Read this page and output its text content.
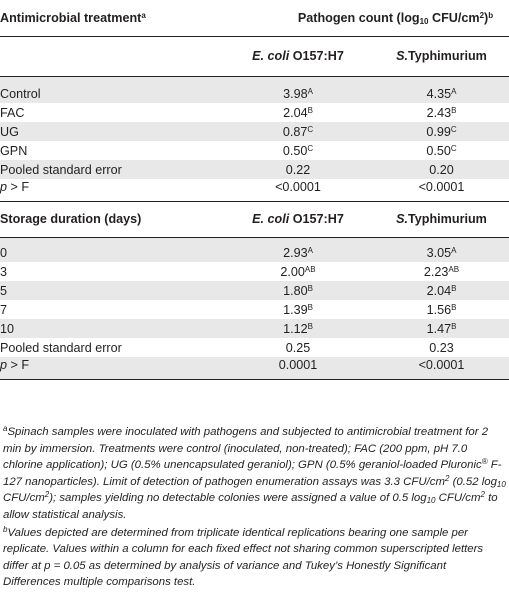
Antimicrobial treatment$^a$	Pathogen count ($\log_{10}$ CFU/$cm^2)^b$
	E. coli O157:H7	S.Typhimurium

Control	$3.98^A$	$4.35^A$
FAC	$2.04^B$	$2.43^B$
UG	$0.87^C$	$0.99^C$
GPN	$0.50^C$	$0.50^C$
Pooled standard error	0.22	0.20
p > F	<0.0001	<0.0001
Storage duration (days)	E. coli O157:H7	S.Typhimurium

0	$2.93^A$	$3.05^A$
3	$2.00^{AB}$	$2.23^{AB}$
5	$1.80^B$	$2.04^B$
7	$1.39^B$	$1.56^B$
10	$1.12^B$	$1.47^B$
Pooled standard error	0.25	0.23
p > F	0.0001	<0.0001

$^a$Spinach samples were inoculated with pathogens and subjected to antimicrobial treatment for 2 min by immersion. Treatments were control (inoculated, non-treated); FAC (200 ppm, pH 7.0 chlorine application); UG (0.5% unencapsulated geraniol); GPN (0.5% geraniol-loaded Pluronic® F-127 nanoparticles). Limit of detection of pathogen enumeration assays was 3.3 CFU/$cm^2$ (0.52 $\log_{10} CFU/cm^2$); samples yielding no detectable colonies were assigned a value of 0.5 $\log_{10} CFU/cm^2$ to allow statistical analysis.

$^b$Values depicted are determined from triplicate identical replications bearing one sample per replicate. Values within a column for each fixed effect not sharing common superscripted letters differ at p = 0.05 as determined by analysis of variance and Tukey’s Honestly Significant Differences multiple comparisons test.
